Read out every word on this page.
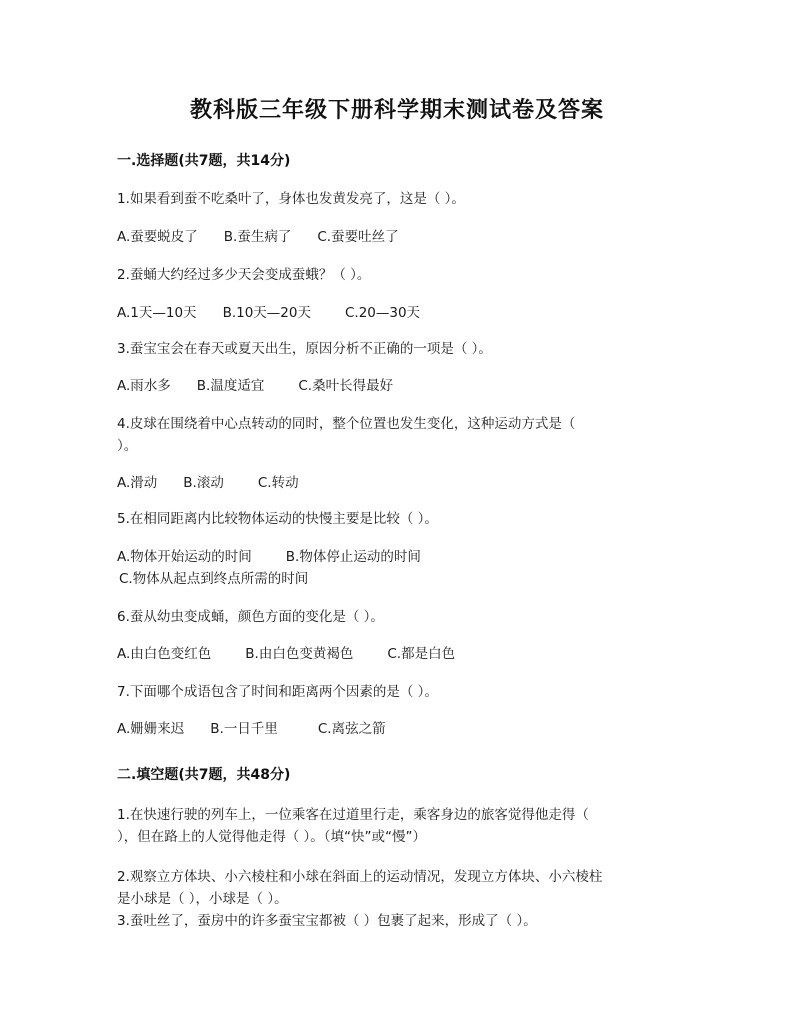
教科版三年级下册科学期末测试卷及答案
一.选择题(共7题，共14分)
1.如果看到蚕不吃桑叶了，身体也发黄发亮了，这是（ ）。
A.蚕要蜕皮了 B.蚕生病了 C.蚕要吐丝了
2.蚕蛹大约经过多少天会变成蚕蛾？（ ）。
A.1天—10天 B.10天—20天	C.20—30天
3.蚕宝宝会在春天或夏天出生，原因分析不正确的一项是（ ）。
A.雨水多 B.温度适宜	C.桑叶长得最好
4.皮球在围绕着中心点转动的同时，整个位置也发生变化，这种运动方式是（
）。
A.滑动 B.滚动	C.转动
5.在相同距离内比较物体运动的快慢主要是比较（ ）。
A.物体开始运动的时间	B.物体停止运动的时间
C.物体从起点到终点所需的时间
6.蚕从幼虫变成蛹，颜色方面的变化是（ ）。
A.由白色变红色	B.由白色变黄褐色	C.都是白色
7.下面哪个成语包含了时间和距离两个因素的是（ ）。
A.姗姗来迟 B.一日千里	C.离弦之箭
二.填空题(共7题，共48分)
1.在快速行驶的列车上，一位乘客在过道里行走，乘客身边的旅客觉得他走得（
），但在路上的人觉得他走得（ ）。（填“快”或“慢”）
2.观察立方体块、小六棱柱和小球在斜面上的运动情况，发现立方体块、小六棱柱
是小球是（ ），小球是（ ）。
3.蚕吐丝了，蚕房中的许多蚕宝宝都被（ ）包裹了起来，形成了（ ）。
